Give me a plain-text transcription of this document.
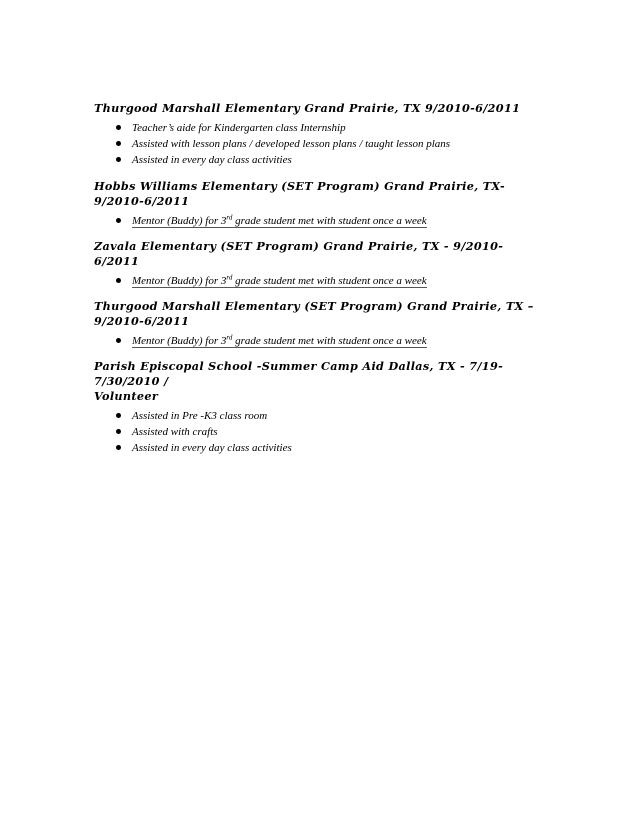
Thurgood Marshall Elementary Grand Prairie, TX 9/2010-6/2011

Teacher’s aide for Kindergarten class Internship
Assisted with lesson plans / developed lesson plans / taught lesson plans
Assisted in every day class activities

Hobbs Williams Elementary (SET Program) Grand Prairie, TX- 9/2010-6/2011

Mentor (Buddy) for 3rd grade student met with student once a week

Zavala Elementary (SET Program) Grand Prairie, TX - 9/2010-6/2011

Mentor (Buddy) for 3rd grade student met with student once a week

Thurgood Marshall Elementary (SET Program) Grand Prairie, TX – 9/2010-6/2011

Mentor (Buddy) for 3rd grade student met with student once a week

Parish Episcopal School -Summer Camp Aid Dallas, TX - 7/19-7/30/2010 /
Volunteer

Assisted in Pre -K3 class room
Assisted with crafts
Assisted in every day class activities
